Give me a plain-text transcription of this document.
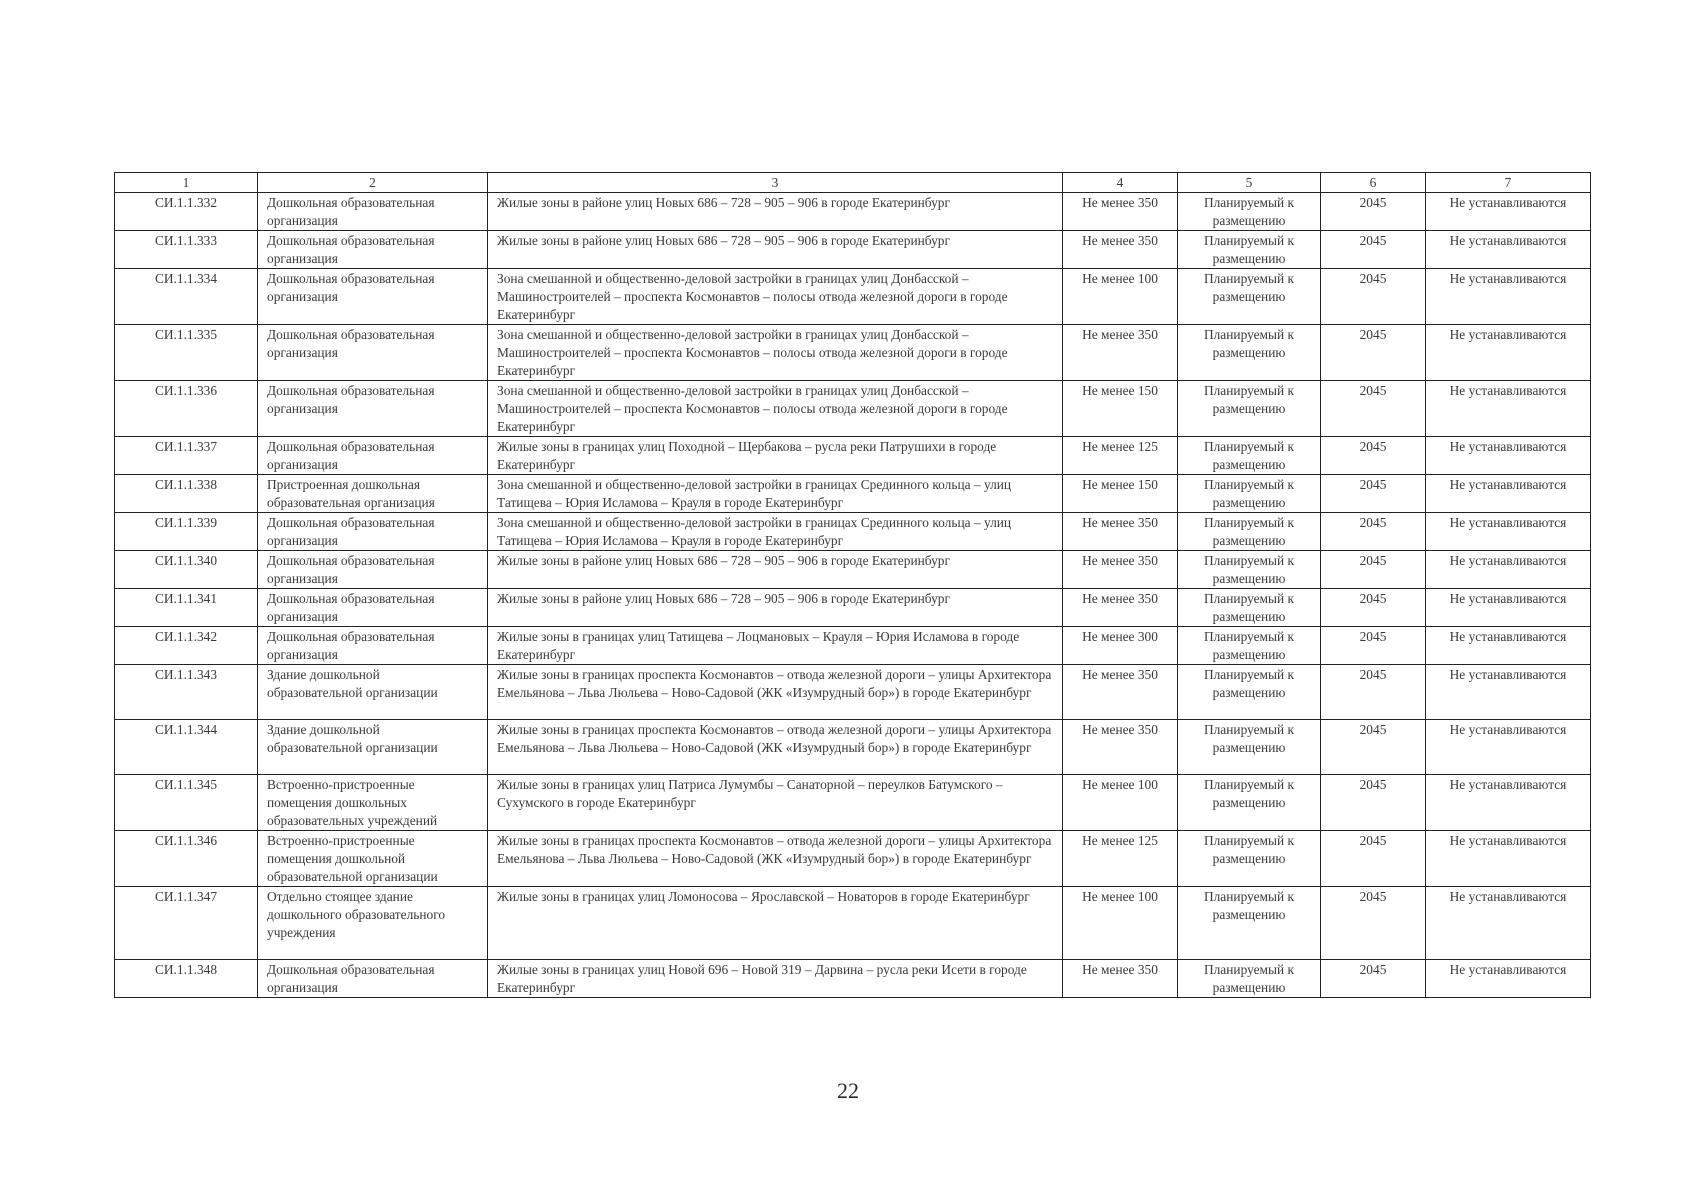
1	2	3	4	5	6	7
СИ.1.1.332	Дошкольная образовательная организация	Жилые зоны в районе улиц Новых 686 – 728 – 905 – 906 в городе Екатеринбург	Не менее 350	Планируемый к размещению	2045	Не устанавливаются
СИ.1.1.333	Дошкольная образовательная организация	Жилые зоны в районе улиц Новых 686 – 728 – 905 – 906 в городе Екатеринбург	Не менее 350	Планируемый к размещению	2045	Не устанавливаются
СИ.1.1.334	Дошкольная образовательная организация	Зона смешанной и общественно-деловой застройки в границах улиц Донбасской – Машиностроителей – проспекта Космонавтов – полосы отвода железной дороги в городе Екатеринбург	Не менее 100	Планируемый к размещению	2045	Не устанавливаются
СИ.1.1.335	Дошкольная образовательная организация	Зона смешанной и общественно-деловой застройки в границах улиц Донбасской – Машиностроителей – проспекта Космонавтов – полосы отвода железной дороги в городе Екатеринбург	Не менее 350	Планируемый к размещению	2045	Не устанавливаются
СИ.1.1.336	Дошкольная образовательная организация	Зона смешанной и общественно-деловой застройки в границах улиц Донбасской – Машиностроителей – проспекта Космонавтов – полосы отвода железной дороги в городе Екатеринбург	Не менее 150	Планируемый к размещению	2045	Не устанавливаются
СИ.1.1.337	Дошкольная образовательная организация	Жилые зоны в границах улиц Походной – Щербакова – русла реки Патрушихи в городе Екатеринбург	Не менее 125	Планируемый к размещению	2045	Не устанавливаются
СИ.1.1.338	Пристроенная дошкольная образовательная организация	Зона смешанной и общественно-деловой застройки в границах Срединного кольца – улиц Татищева – Юрия Исламова – Крауля в городе Екатеринбург	Не менее 150	Планируемый к размещению	2045	Не устанавливаются
СИ.1.1.339	Дошкольная образовательная организация	Зона смешанной и общественно-деловой застройки в границах Срединного кольца – улиц Татищева – Юрия Исламова – Крауля в городе Екатеринбург	Не менее 350	Планируемый к размещению	2045	Не устанавливаются
СИ.1.1.340	Дошкольная образовательная организация	Жилые зоны в районе улиц Новых 686 – 728 – 905 – 906 в городе Екатеринбург	Не менее 350	Планируемый к размещению	2045	Не устанавливаются
СИ.1.1.341	Дошкольная образовательная организация	Жилые зоны в районе улиц Новых 686 – 728 – 905 – 906 в городе Екатеринбург	Не менее 350	Планируемый к размещению	2045	Не устанавливаются
СИ.1.1.342	Дошкольная образовательная организация	Жилые зоны в границах улиц Татищева – Лоцмановых – Крауля – Юрия Исламова в городе Екатеринбург	Не менее 300	Планируемый к размещению	2045	Не устанавливаются
СИ.1.1.343	Здание дошкольной образовательной организации	Жилые зоны в границах проспекта Космонавтов – отвода железной дороги – улицы Архитектора Емельянова – Льва Люльева – Ново-Садовой (ЖК «Изумрудный бор») в городе Екатеринбург	Не менее 350	Планируемый к размещению	2045	Не устанавливаются
СИ.1.1.344	Здание дошкольной образовательной организации	Жилые зоны в границах проспекта Космонавтов – отвода железной дороги – улицы Архитектора Емельянова – Льва Люльева – Ново-Садовой (ЖК «Изумрудный бор») в городе Екатеринбург	Не менее 350	Планируемый к размещению	2045	Не устанавливаются
СИ.1.1.345	Встроенно-пристроенные помещения дошкольных образовательных учреждений	Жилые зоны в границах улиц Патриса Лумумбы – Санаторной – переулков Батумского – Сухумского в городе Екатеринбург	Не менее 100	Планируемый к размещению	2045	Не устанавливаются
СИ.1.1.346	Встроенно-пристроенные помещения дошкольной образовательной организации	Жилые зоны в границах проспекта Космонавтов – отвода железной дороги – улицы Архитектора Емельянова – Льва Люльева – Ново-Садовой (ЖК «Изумрудный бор») в городе Екатеринбург	Не менее 125	Планируемый к размещению	2045	Не устанавливаются
СИ.1.1.347	Отдельно стоящее здание дошкольного образовательного учреждения	Жилые зоны в границах улиц Ломоносова – Ярославской – Новаторов в городе Екатеринбург	Не менее 100	Планируемый к размещению	2045	Не устанавливаются
СИ.1.1.348	Дошкольная образовательная организация	Жилые зоны в границах улиц Новой 696 – Новой 319 – Дарвина – русла реки Исети в городе Екатеринбург	Не менее 350	Планируемый к размещению	2045	Не устанавливаются
22
